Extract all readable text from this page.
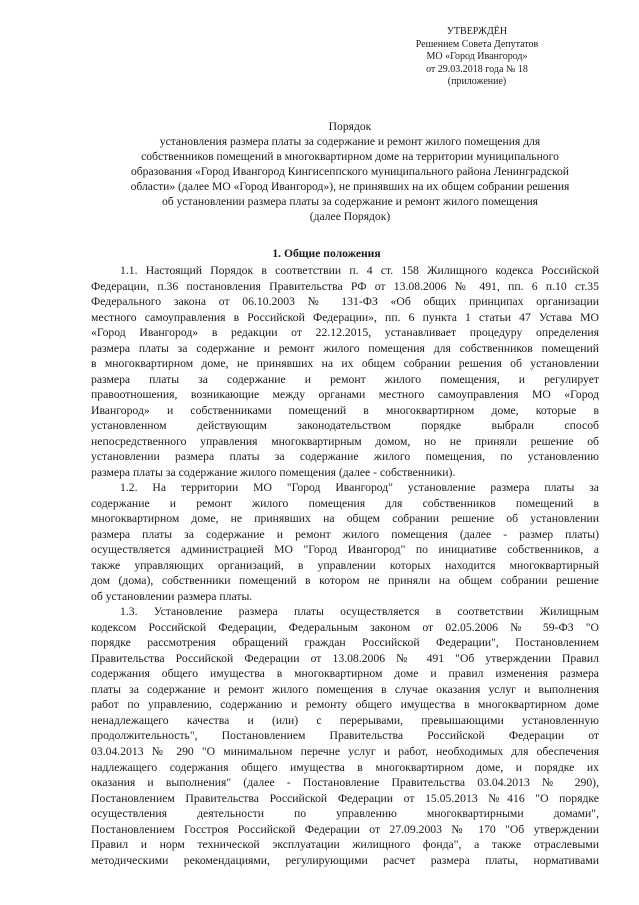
УТВЕРЖДЁН
Решением Совета Депутатов
МО «Город Ивангород»
от 29.03.2018 года № 18
(приложение)
Порядок
установления размера платы за содержание и ремонт жилого помещения для
собственников помещений в многоквартирном доме на территории муниципального
образования «Город Ивангород Кингисеппского муниципального района Ленинградской
области» (далее МО «Город Ивангород»), не принявших на их общем собрании решения
об установлении размера платы за содержание и ремонт жилого помещения
(далее Порядок)
1. Общие положения
1.1. Настоящий Порядок в соответствии п. 4 ст. 158 Жилищного кодекса Российской
Федерации, п.36 постановления Правительства РФ от 13.08.2006 № 491, пп. 6 п.10 ст.35
Федерального закона от 06.10.2003 № 131-ФЗ «Об общих принципах организации
местного самоуправления в Российской Федерации», пп. 6 пункта 1 статьи 47 Устава МО
«Город Ивангород» в редакции от 22.12.2015, устанавливает процедуру определения
размера платы за содержание и ремонт жилого помещения для собственников помещений
в многоквартирном доме, не принявших на их общем собрании решения об установлении
размера платы за содержание и ремонт жилого помещения, и регулирует
правоотношения, возникающие между органами местного самоуправления МО «Город
Ивангород» и собственниками помещений в многоквартирном доме, которые в
установленном действующим законодательством порядке выбрали способ
непосредственного управления многоквартирным домом, но не приняли решение об
установлении размера платы за содержание жилого помещения, по установлению
размера платы за содержание жилого помещения (далее - собственники).
1.2. На территории МО "Город Ивангород" установление размера платы за
содержание и ремонт жилого помещения для собственников помещений в
многоквартирном доме, не принявших на общем собрании решение об установлении
размера платы за содержание и ремонт жилого помещения (далее - размер платы)
осуществляется администрацией МО "Город Ивангород" по инициативе собственников, а
также управляющих организаций, в управлении которых находится многоквартирный
дом (дома), собственники помещений в котором не приняли на общем собрании решение
об установлении размера платы.
1.3. Установление размера платы осуществляется в соответствии Жилищным
кодексом Российской Федерации, Федеральным законом от 02.05.2006 № 59-ФЗ "О
порядке рассмотрения обращений граждан Российской Федерации", Постановлением
Правительства Российской Федерации от 13.08.2006 № 491 "Об утверждении Правил
содержания общего имущества в многоквартирном доме и правил изменения размера
платы за содержание и ремонт жилого помещения в случае оказания услуг и выполнения
работ по управлению, содержанию и ремонту общего имущества в многоквартирном доме
ненадлежащего качества и (или) с перерывами, превышающими установленную
продолжительность", Постановлением Правительства Российской Федерации от
03.04.2013 № 290 "О минимальном перечне услуг и работ, необходимых для обеспечения
надлежащего содержания общего имущества в многоквартирном доме, и порядке их
оказания и выполнения" (далее - Постановление Правительства 03.04.2013 № 290),
Постановлением Правительства Российской Федерации от 15.05.2013 №416 "О порядке
осуществления деятельности по управлению многоквартирными домами",
Постановлением Госстроя Российской Федерации от 27.09.2003 № 170 "Об утверждении
Правил и норм технической эксплуатации жилищного фонда", а также отраслевыми
методическими рекомендациями, регулирующими расчет размера платы, нормативами
